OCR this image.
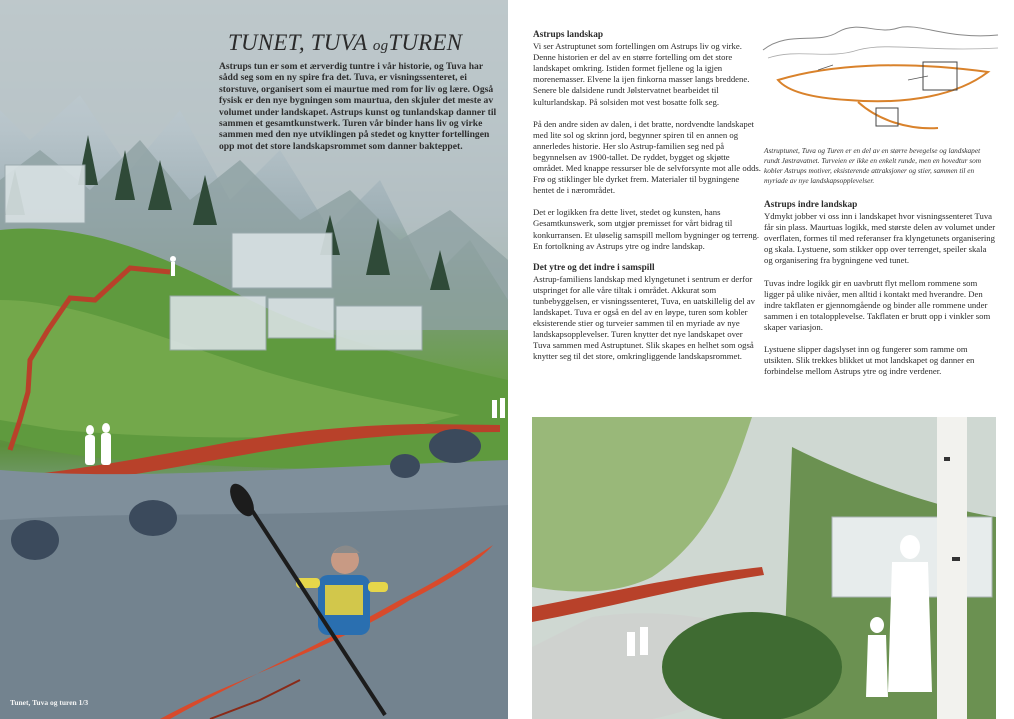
TUNET, TUVA ogTUREN
Astrups tun er som et ærverdig tuntre i vår historie, og Tuva har sådd seg som en ny spire fra det. Tuva, er visningssenteret, ei storstuve, organisert som ei maurtue med rom for liv og lære. Også fysisk er den nye bygningen som maurtua, den skjuler det meste av volumet under landskapet. Astrups kunst og tunlandskap danner til sammen et gesamtkunstwerk. Turen vår binder hans liv og virke sammen med den nye utviklingen på stedet og knytter fortellingen opp mot det store landskapsrommet som danner bakteppet.
Tunet, Tuva og turen 1/3
Astrups landskap

Vi ser Astruptunet som fortellingen om Astrups liv og virke. Denne historien er del av en større fortelling om det store landskapet omkring. Istiden formet fjellene og la igjen morenemasser. Elvene la ijen finkorna masser langs breddene. Senere ble dalsidene rundt Jølstervatnet bearbeidet til kulturlandskap. På solsiden mot vest bosatte folk seg.

På den andre siden av dalen, i det bratte, nordvendte landskapet med lite sol og skrinn jord, begynner spiren til en annen og annerledes historie. Her slo Astrup-familien seg ned på begynnelsen av 1900-tallet. De ryddet, bygget og skjøtte området. Med knappe ressurser ble de selvforsynte mot alle odds. Frø og stiklinger ble dyrket frem. Materialer til bygningene hentet de i nærområdet.

Det er logikken fra dette livet, stedet og kunsten, hans Gesamtkunswerk, som utgjør premisset for vårt bidrag til konkurransen. Et uløselig samspill mellom bygninger og terreng. En fortolkning av Astrups ytre og indre landskap.

Det ytre og det indre i samspill

Astrup-familiens landskap med klyngetunet i sentrum er derfor utspringet for alle våre tiltak i området. Akkurat som tunbebyggelsen, er visningssenteret, Tuva, en uatskillelig del av landskapet. Tuva er også en del av en løype, turen som kobler eksisterende stier og turveier sammen til en myriade av nye landskapsopplevelser. Turen knytter det nye landskapet over Tuva sammen med Astruptunet. Slik skapes en helhet som også knytter seg til det store, omkringliggende landskapsrommet.

Astruptunet, Tuva og Turen er en del av en større bevegelse og landskapet rundt Jøstravatnet. Turveien er ikke en enkelt runde, men en hovedtur som kobler Astrups motiver, eksisterende attraksjoner og stier, sammen til en myriade av nye landskapsopplevelser.
Astrups indre landskap

Ydmykt jobber vi oss inn i landskapet hvor visningssenteret Tuva får sin plass. Maurtuas logikk, med største delen av volumet under overflaten, formes til med referanser fra klyngetunets organisering og skala. Lystuene, som stikker opp over terrenget, speiler skala og organisering fra bygningene ved tunet.

Tuvas indre logikk gir en uavbrutt flyt mellom rommene som ligger på ulike nivåer, men alltid i kontakt med hverandre. Den indre takflaten er gjennomgående og binder alle rommene under sammen i en totalopplevelse. Takflaten er brutt opp i vinkler som skaper variasjon.

Lystuene slipper dagslyset inn og fungerer som ramme om utsikten. Slik trekkes blikket ut mot landskapet og danner en forbindelse mellom Astrups ytre og indre verdener.
